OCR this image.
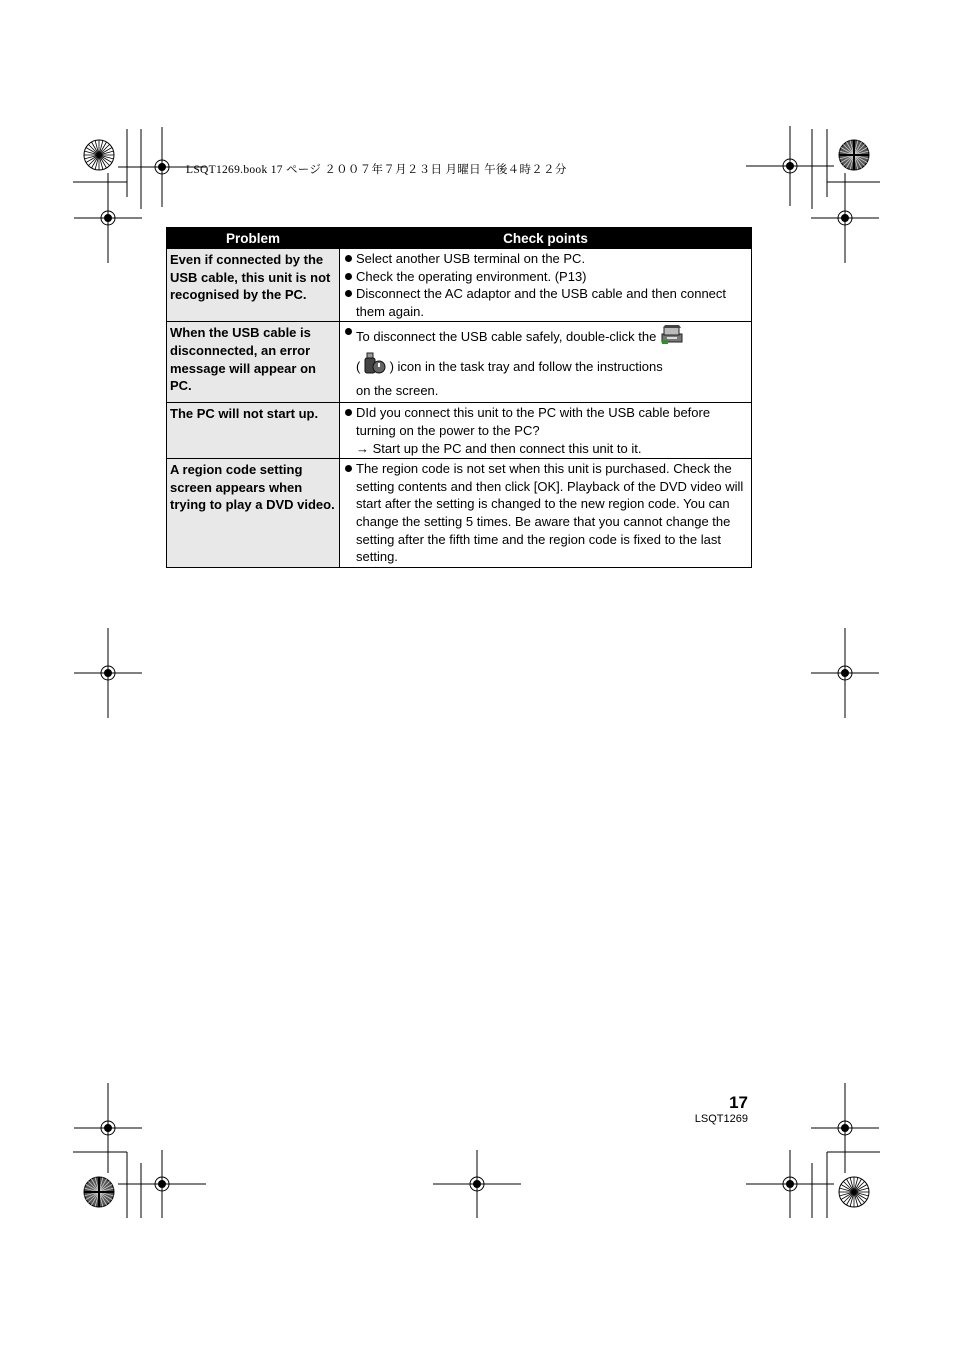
LSQT1269.book 17 ページ ２００７年７月２３日 月曜日 午後４時２２分
Problem	Check points
Even if connected by the USB cable, this unit is not recognised by the PC.	Select another USB terminal on the PC.
Check the operating environment. (P13)
Disconnect the AC adaptor and the USB cable and then connect them again.

When the USB cable is disconnected, an error message will appear on PC.	To disconnect the USB cable safely, double-click the
( ) icon in the task tray and follow the instructions
on the screen.

The PC will not start up.	DId you connect this unit to the PC with the USB cable before turning on the power to the PC?
→ Start up the PC and then connect this unit to it.

A region code setting screen appears when trying to play a DVD video.	The region code is not set when this unit is purchased. Check the setting contents and then click [OK]. Playback of the DVD video will start after the setting is changed to the new region code. You can change the setting 5 times. Be aware that you cannot change the setting after the fifth time and the region code is fixed to the last setting.
17
LSQT1269
